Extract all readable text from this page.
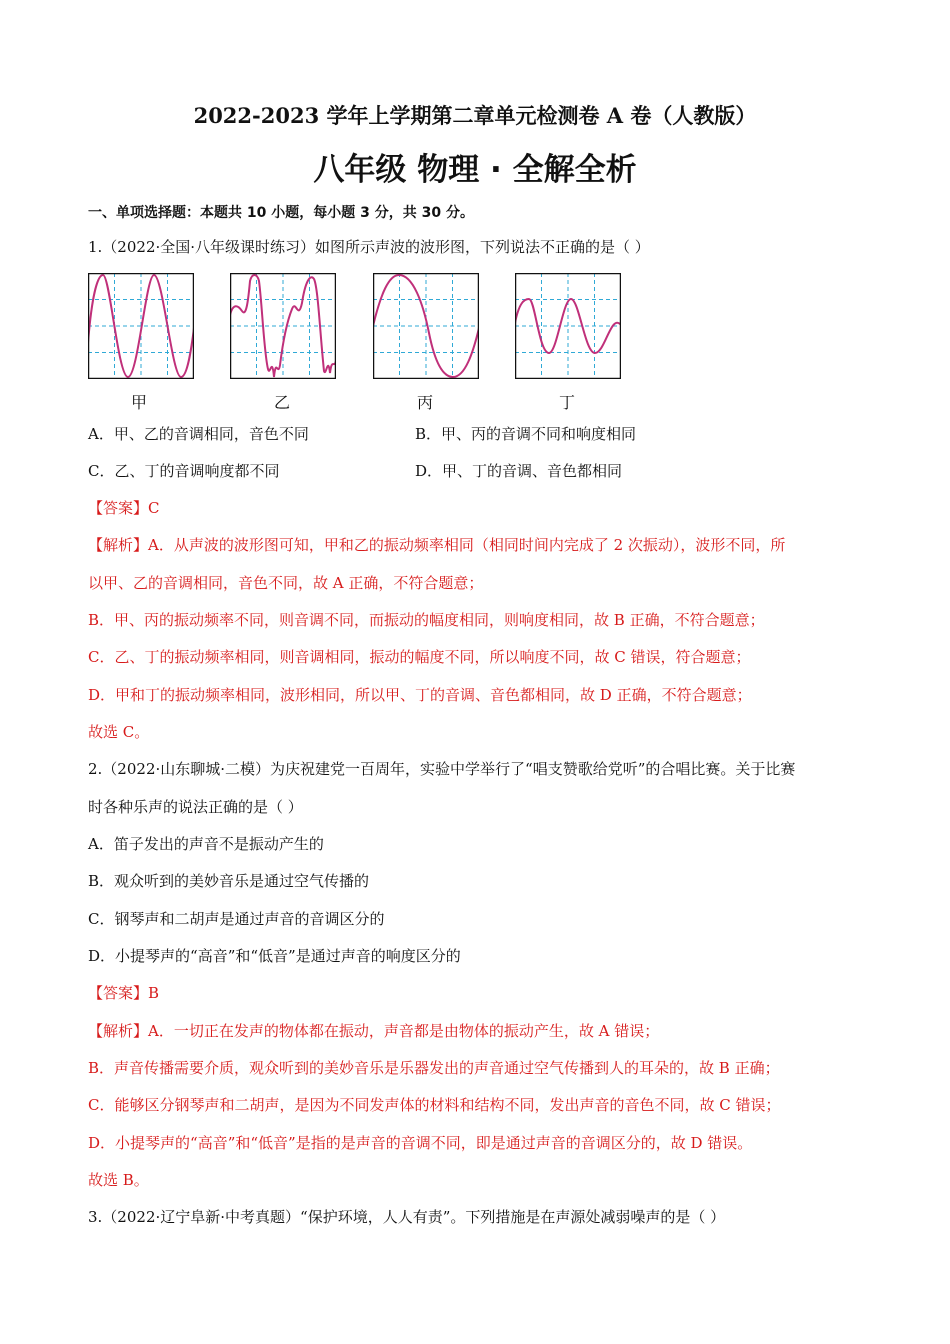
2022-2023 学年上学期第二章单元检测卷 A 卷（人教版）
八年级 物理 · 全解全析
一、单项选择题：本题共 10 小题，每小题 3 分，共 30 分。
1.（2022·全国·八年级课时练习）如图所示声波的波形图，下列说法不正确的是（ ）
甲	乙	丙	丁
A．甲、乙的音调相同，音色不同	B．甲、丙的音调不同和响度相同
C．乙、丁的音调响度都不同	D．甲、丁的音调、音色都相同
【答案】C
【解析】A．从声波的波形图可知，甲和乙的振动频率相同（相同时间内完成了 2 次振动），波形不同，所
以甲、乙的音调相同，音色不同，故 A 正确，不符合题意；
B．甲、丙的振动频率不同，则音调不同，而振动的幅度相同，则响度相同，故 B 正确，不符合题意；
C．乙、丁的振动频率相同，则音调相同，振动的幅度不同，所以响度不同，故 C 错误，符合题意；
D．甲和丁的振动频率相同，波形相同，所以甲、丁的音调、音色都相同，故 D 正确，不符合题意；
故选 C。
2.（2022·山东聊城·二模）为庆祝建党一百周年，实验中学举行了“唱支赞歌给党听”的合唱比赛。关于比赛
时各种乐声的说法正确的是（ ）
A．笛子发出的声音不是振动产生的
B．观众听到的美妙音乐是通过空气传播的
C．钢琴声和二胡声是通过声音的音调区分的
D．小提琴声的“高音”和“低音”是通过声音的响度区分的
【答案】B
【解析】A．一切正在发声的物体都在振动，声音都是由物体的振动产生，故 A 错误；
B．声音传播需要介质，观众听到的美妙音乐是乐器发出的声音通过空气传播到人的耳朵的，故 B 正确；
C．能够区分钢琴声和二胡声，是因为不同发声体的材料和结构不同，发出声音的音色不同，故 C 错误；
D．小提琴声的“高音”和“低音”是指的是声音的音调不同，即是通过声音的音调区分的，故 D 错误。
故选 B。
3.（2022·辽宁阜新·中考真题）“保护环境，人人有责”。下列措施是在声源处减弱噪声的是（ ）
